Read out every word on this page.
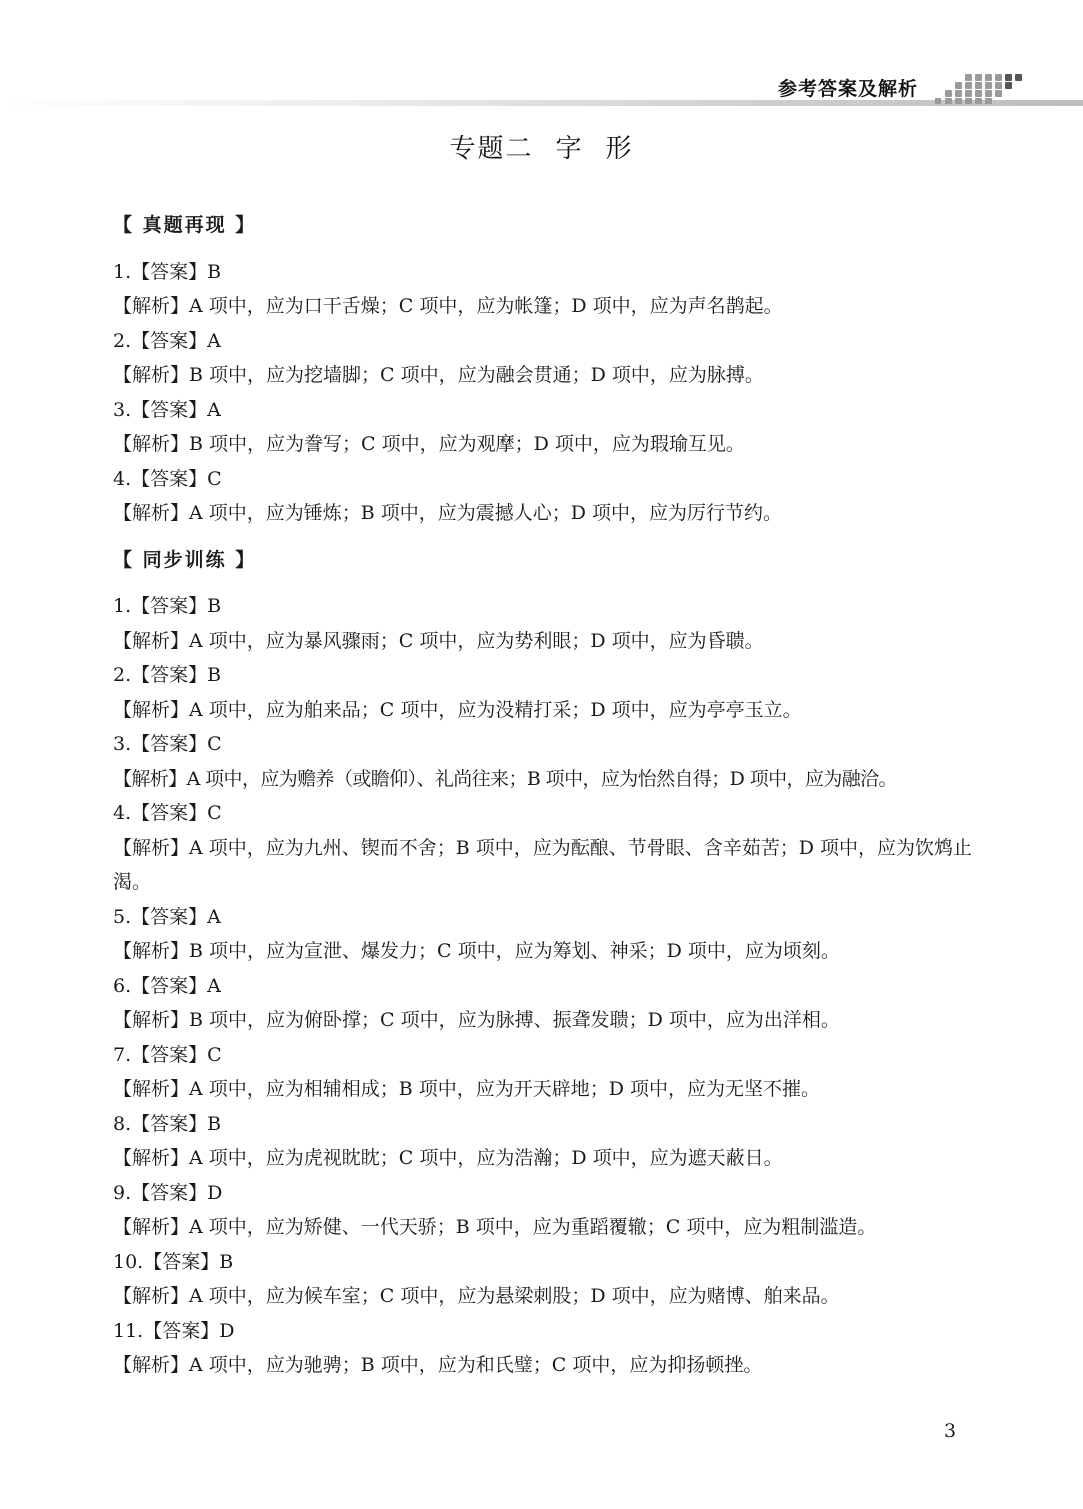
参考答案及解析
专题二 字 形
【 真题再现 】
1.【答案】B
【解析】A 项中，应为口干舌燥；C 项中，应为帐篷；D 项中，应为声名鹊起。
2.【答案】A
【解析】B 项中，应为挖墙脚；C 项中，应为融会贯通；D 项中，应为脉搏。
3.【答案】A
【解析】B 项中，应为誊写；C 项中，应为观摩；D 项中，应为瑕瑜互见。
4.【答案】C
【解析】A 项中，应为锤炼；B 项中，应为震撼人心；D 项中，应为厉行节约。
【 同步训练 】
1.【答案】B
【解析】A 项中，应为暴风骤雨；C 项中，应为势利眼；D 项中，应为昏聩。
2.【答案】B
【解析】A 项中，应为舶来品；C 项中，应为没精打采；D 项中，应为亭亭玉立。
3.【答案】C
【解析】A 项中，应为赡养（或瞻仰）、礼尚往来；B 项中，应为怡然自得；D 项中，应为融洽。
4.【答案】C
【解析】A 项中，应为九州、锲而不舍；B 项中，应为酝酿、节骨眼、含辛茹苦；D 项中，应为饮鸩止渴。
5.【答案】A
【解析】B 项中，应为宣泄、爆发力；C 项中，应为筹划、神采；D 项中，应为顷刻。
6.【答案】A
【解析】B 项中，应为俯卧撑；C 项中，应为脉搏、振聋发聩；D 项中，应为出洋相。
7.【答案】C
【解析】A 项中，应为相辅相成；B 项中，应为开天辟地；D 项中，应为无坚不摧。
8.【答案】B
【解析】A 项中，应为虎视眈眈；C 项中，应为浩瀚；D 项中，应为遮天蔽日。
9.【答案】D
【解析】A 项中，应为矫健、一代天骄；B 项中，应为重蹈覆辙；C 项中，应为粗制滥造。
10.【答案】B
【解析】A 项中，应为候车室；C 项中，应为悬梁刺股；D 项中，应为赌博、舶来品。
11.【答案】D
【解析】A 项中，应为驰骋；B 项中，应为和氏璧；C 项中，应为抑扬顿挫。
3
